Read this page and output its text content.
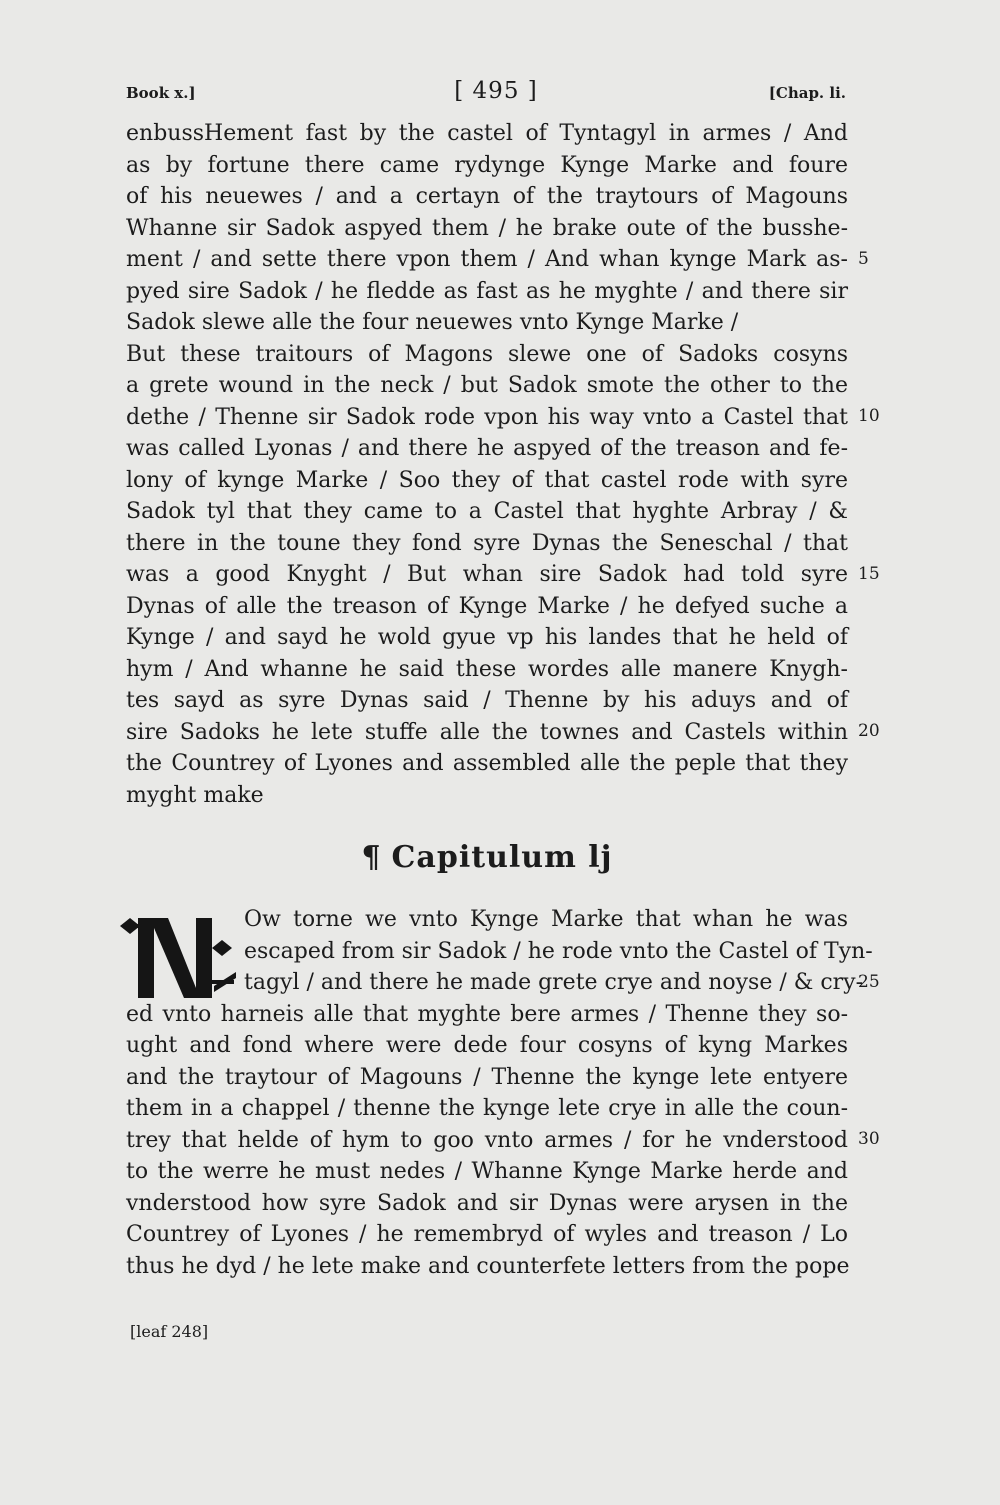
Book x.]	[ 495 ]	[Chap. li.
enbussHement fast by the castel of Tyntagyl in armes / And
as by fortune there came rydynge Kynge Marke and foure
of his neuewes / and a certayn of the traytours of Magouns
Whanne sir Sadok aspyed them / he brake oute of the busshe-
ment / and sette there vpon them / And whan kynge Mark as-
pyed sire Sadok / he fledde as fast as he myghte / and there sir
Sadok slewe alle the four neuewes vnto Kynge Marke /
But these traitours of Magons slewe one of Sadoks cosyns
a grete wound in the neck / but Sadok smote the other to the
dethe / Thenne sir Sadok rode vpon his way vnto a Castel that
was called Lyonas / and there he aspyed of the treason and fe-
lony of kynge Marke / Soo they of that castel rode with syre
Sadok tyl that they came to a Castel that hyghte Arbray / &
there in the toune they fond syre Dynas the Seneschal / that
was a good Knyght / But whan sire Sadok had told syre
Dynas of alle the treason of Kynge Marke / he defyed suche a
Kynge / and sayd he wold gyue vp his landes that he held of
hym / And whanne he said these wordes alle manere Knygh-
tes sayd as syre Dynas said / Thenne by his aduys and of
sire Sadoks he lete stuffe alle the townes and Castels within
the Countrey of Lyones and assembled alle the peple that they
myght make
5
10
15
20
25
30
¶ Capitulum lj
Ow torne we vnto Kynge Marke that whan he was
escaped from sir Sadok / he rode vnto the Castel of Tyn-
tagyl / and there he made grete crye and noyse / & cry-
ed vnto harneis alle that myghte bere armes / Thenne they so-
ught and fond where were dede four cosyns of kyng Markes
and the traytour of Magouns / Thenne the kynge lete entyere
them in a chappel / thenne the kynge lete crye in alle the coun-
trey that helde of hym to goo vnto armes / for he vnderstood
to the werre he must nedes / Whanne Kynge Marke herde and
vnderstood how syre Sadok and sir Dynas were arysen in the
Countrey of Lyones / he remembryd of wyles and treason / Lo
thus he dyd / he lete make and counterfete letters from the pope
[leaf 248]
